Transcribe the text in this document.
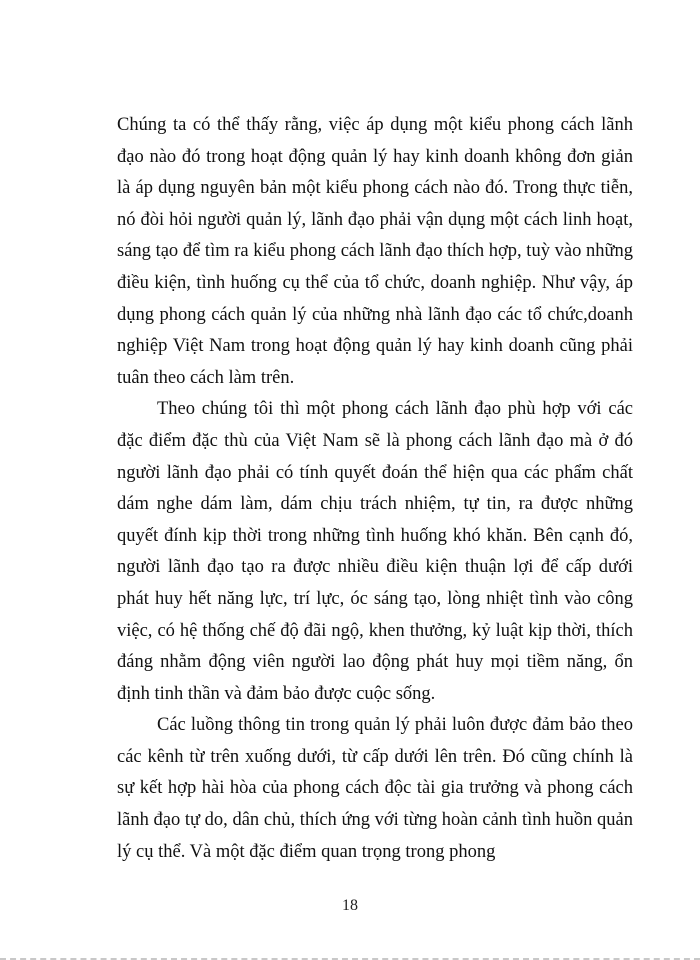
Chúng ta có thể thấy rằng, việc áp dụng một kiểu phong cách lãnh đạo nào đó trong hoạt động quản lý hay kinh doanh không đơn giản là áp dụng nguyên bản một kiểu phong cách nào đó. Trong thực tiễn, nó đòi hỏi người quản lý, lãnh đạo phải vận dụng một cách linh hoạt, sáng tạo để tìm ra kiểu phong cách lãnh đạo thích hợp, tuỳ vào những điều kiện, tình huống cụ thể của tổ chức, doanh nghiệp. Như vậy, áp dụng phong cách quản lý của những nhà lãnh đạo các tổ chức,doanh nghiệp Việt Nam trong hoạt động quản lý hay kinh doanh cũng phải tuân theo cách làm trên.

Theo chúng tôi thì một phong cách lãnh đạo phù hợp với các đặc điểm đặc thù của Việt Nam sẽ là phong cách lãnh đạo mà ở đó người lãnh đạo phải có tính quyết đoán thể hiện qua các phẩm chất dám nghe dám làm, dám chịu trách nhiệm, tự tin, ra được những quyết đính kịp thời trong những tình huống khó khăn. Bên cạnh đó, người lãnh đạo tạo ra được nhiều điều kiện thuận lợi để cấp dưới phát huy hết năng lực, trí lực, óc sáng tạo, lòng nhiệt tình vào công việc, có hệ thống chế độ đãi ngộ, khen thưởng, kỷ luật kịp thời, thích đáng nhằm động viên người lao động phát huy mọi tiềm năng, ổn định tinh thần và đảm bảo được cuộc sống.

Các luồng thông tin trong quản lý phải luôn được đảm bảo theo các kênh từ trên xuống dưới, từ cấp dưới lên trên. Đó cũng chính là sự kết hợp hài hòa của phong cách độc tài gia trưởng và phong cách lãnh đạo tự do, dân chủ, thích ứng với từng hoàn cảnh tình huồn quản lý cụ thể. Và một đặc điểm quan trọng trong phong

18
